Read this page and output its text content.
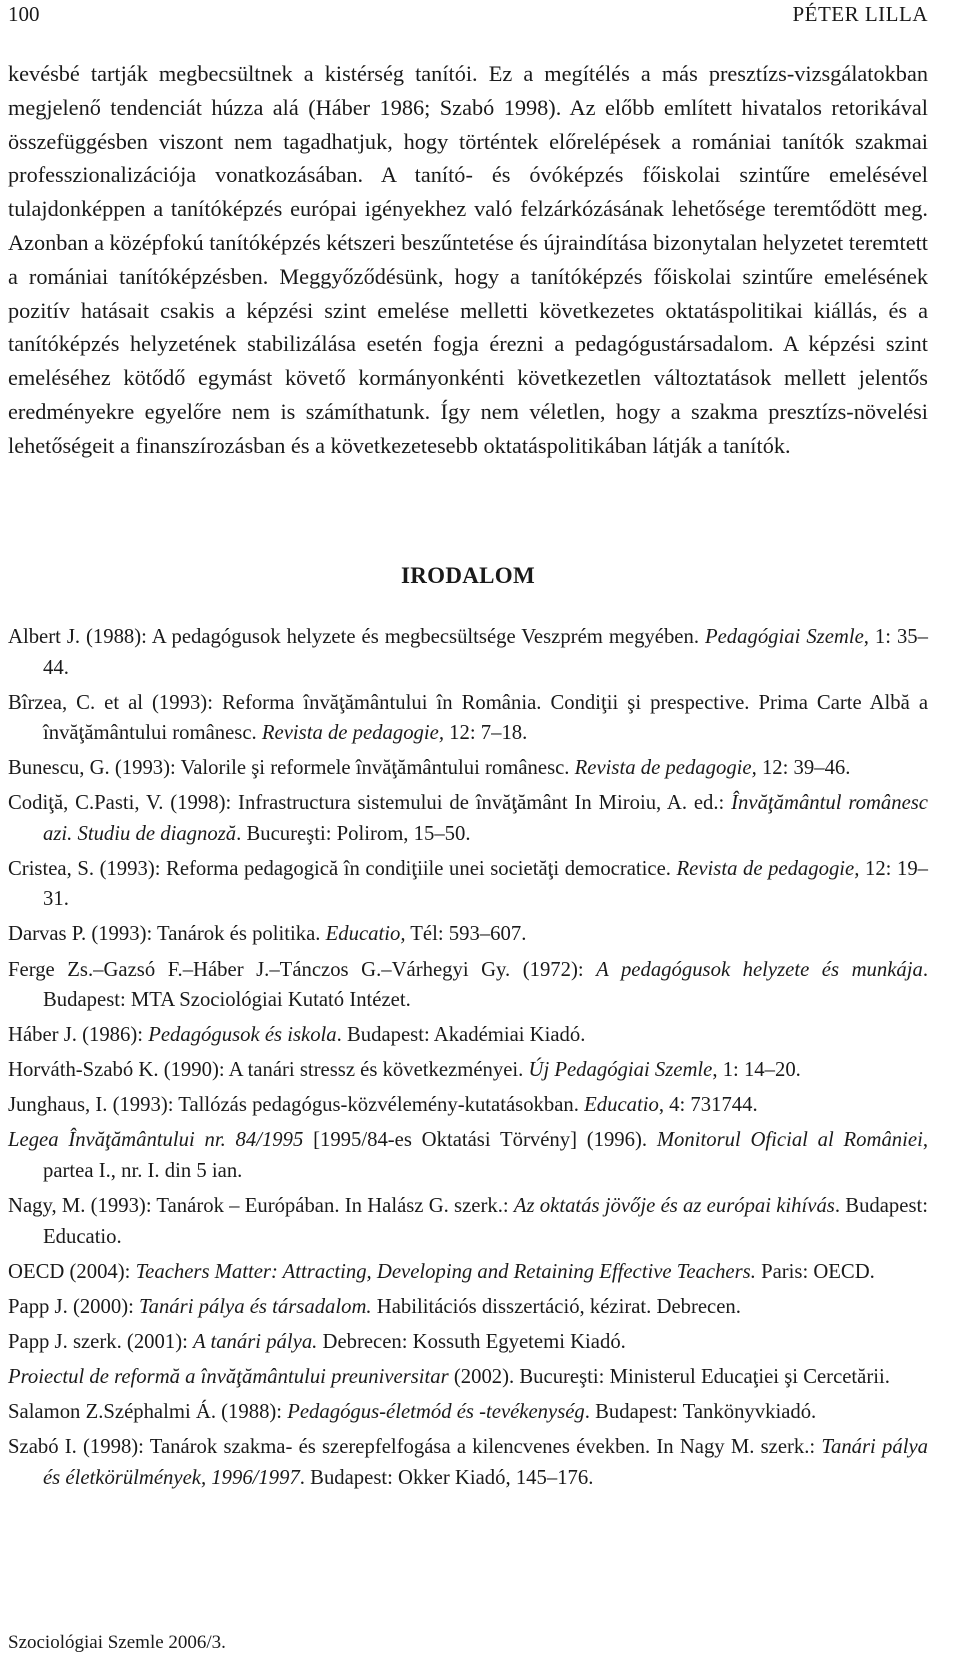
100	PÉTER LILLA

kevésbé tartják megbecsültnek a kistérség tanítói. Ez a megítélés a más presztízs-vizsgálatokban megjelenő tendenciát húzza alá (Háber 1986; Szabó 1998). Az előbb említett hivatalos retorikával összefüggésben viszont nem tagadhatjuk, hogy történtek előrelépések a romániai tanítók szakmai professzionalizációja vonatkozásában. A tanító- és óvóképzés főiskolai szintűre emelésével tulajdonképpen a tanítóképzés európai igényekhez való felzárkózásának lehetősége teremtődött meg. Azonban a középfokú tanítóképzés kétszeri beszűntetése és újraindítása bizonytalan helyzetet teremtett a romániai tanítóképzésben. Meggyőződésünk, hogy a tanítóképzés főiskolai szintűre emelésének pozitív hatásait csakis a képzési szint emelése melletti következetes oktatáspolitikai kiállás, és a tanítóképzés helyzetének stabilizálása esetén fogja érezni a pedagógustársadalom. A képzési szint emeléséhez kötődő egymást követő kormányonkénti következetlen változtatások mellett jelentős eredményekre egyelőre nem is számíthatunk. Így nem véletlen, hogy a szakma presztízs-növelési lehetőségeit a finanszírozásban és a következetesebb oktatáspolitikában látják a tanítók.

IRODALOM
Albert J. (1988): A pedagógusok helyzete és megbecsültsége Veszprém megyében. Pedagógiai Szemle, 1: 35–44.
Bîrzea, C. et al (1993): Reforma învăţământului în România. Condiţii şi prespective. Prima Carte Albă a învăţământului românesc. Revista de pedagogie, 12: 7–18.
Bunescu, G. (1993): Valorile şi reformele învăţământului românesc. Revista de pedagogie, 12: 39–46.
Codiţă, C.Pasti, V. (1998): Infrastructura sistemului de învăţământ In Miroiu, A. ed.: Învăţământul românesc azi. Studiu de diagnoză. Bucureşti: Polirom, 15–50.
Cristea, S. (1993): Reforma pedagogică în condiţiile unei societăţi democratice. Revista de pedagogie, 12: 19–31.
Darvas P. (1993): Tanárok és politika. Educatio, Tél: 593–607.
Ferge Zs.–Gazsó F.–Háber J.–Tánczos G.–Várhegyi Gy. (1972): A pedagógusok helyzete és munkája. Budapest: MTA Szociológiai Kutató Intézet.
Háber J. (1986): Pedagógusok és iskola. Budapest: Akadémiai Kiadó.
Horváth-Szabó K. (1990): A tanári stressz és következményei. Új Pedagógiai Szemle, 1: 14–20.
Junghaus, I. (1993): Tallózás pedagógus-közvélemény-kutatásokban. Educatio, 4: 731744.
Legea Învăţământului nr. 84/1995 [1995/84-es Oktatási Törvény] (1996). Monitorul Oficial al României, partea I., nr. I. din 5 ian.
Nagy, M. (1993): Tanárok – Európában. In Halász G. szerk.: Az oktatás jövője és az európai kihívás. Budapest: Educatio.
OECD (2004): Teachers Matter: Attracting, Developing and Retaining Effective Teachers. Paris: OECD.
Papp J. (2000): Tanári pálya és társadalom. Habilitációs disszertáció, kézirat. Debrecen.
Papp J. szerk. (2001): A tanári pálya. Debrecen: Kossuth Egyetemi Kiadó.
Proiectul de reformă a învăţământului preuniversitar (2002). Bucureşti: Ministerul Educaţiei şi Cercetării.
Salamon Z.Széphalmi Á. (1988): Pedagógus-életmód és -tevékenység. Budapest: Tankönyvkiadó.
Szabó I. (1998): Tanárok szakma- és szerepfelfogása a kilencvenes években. In Nagy M. szerk.: Tanári pálya és életkörülmények, 1996/1997. Budapest: Okker Kiadó, 145–176.
Szociológiai Szemle 2006/3.
